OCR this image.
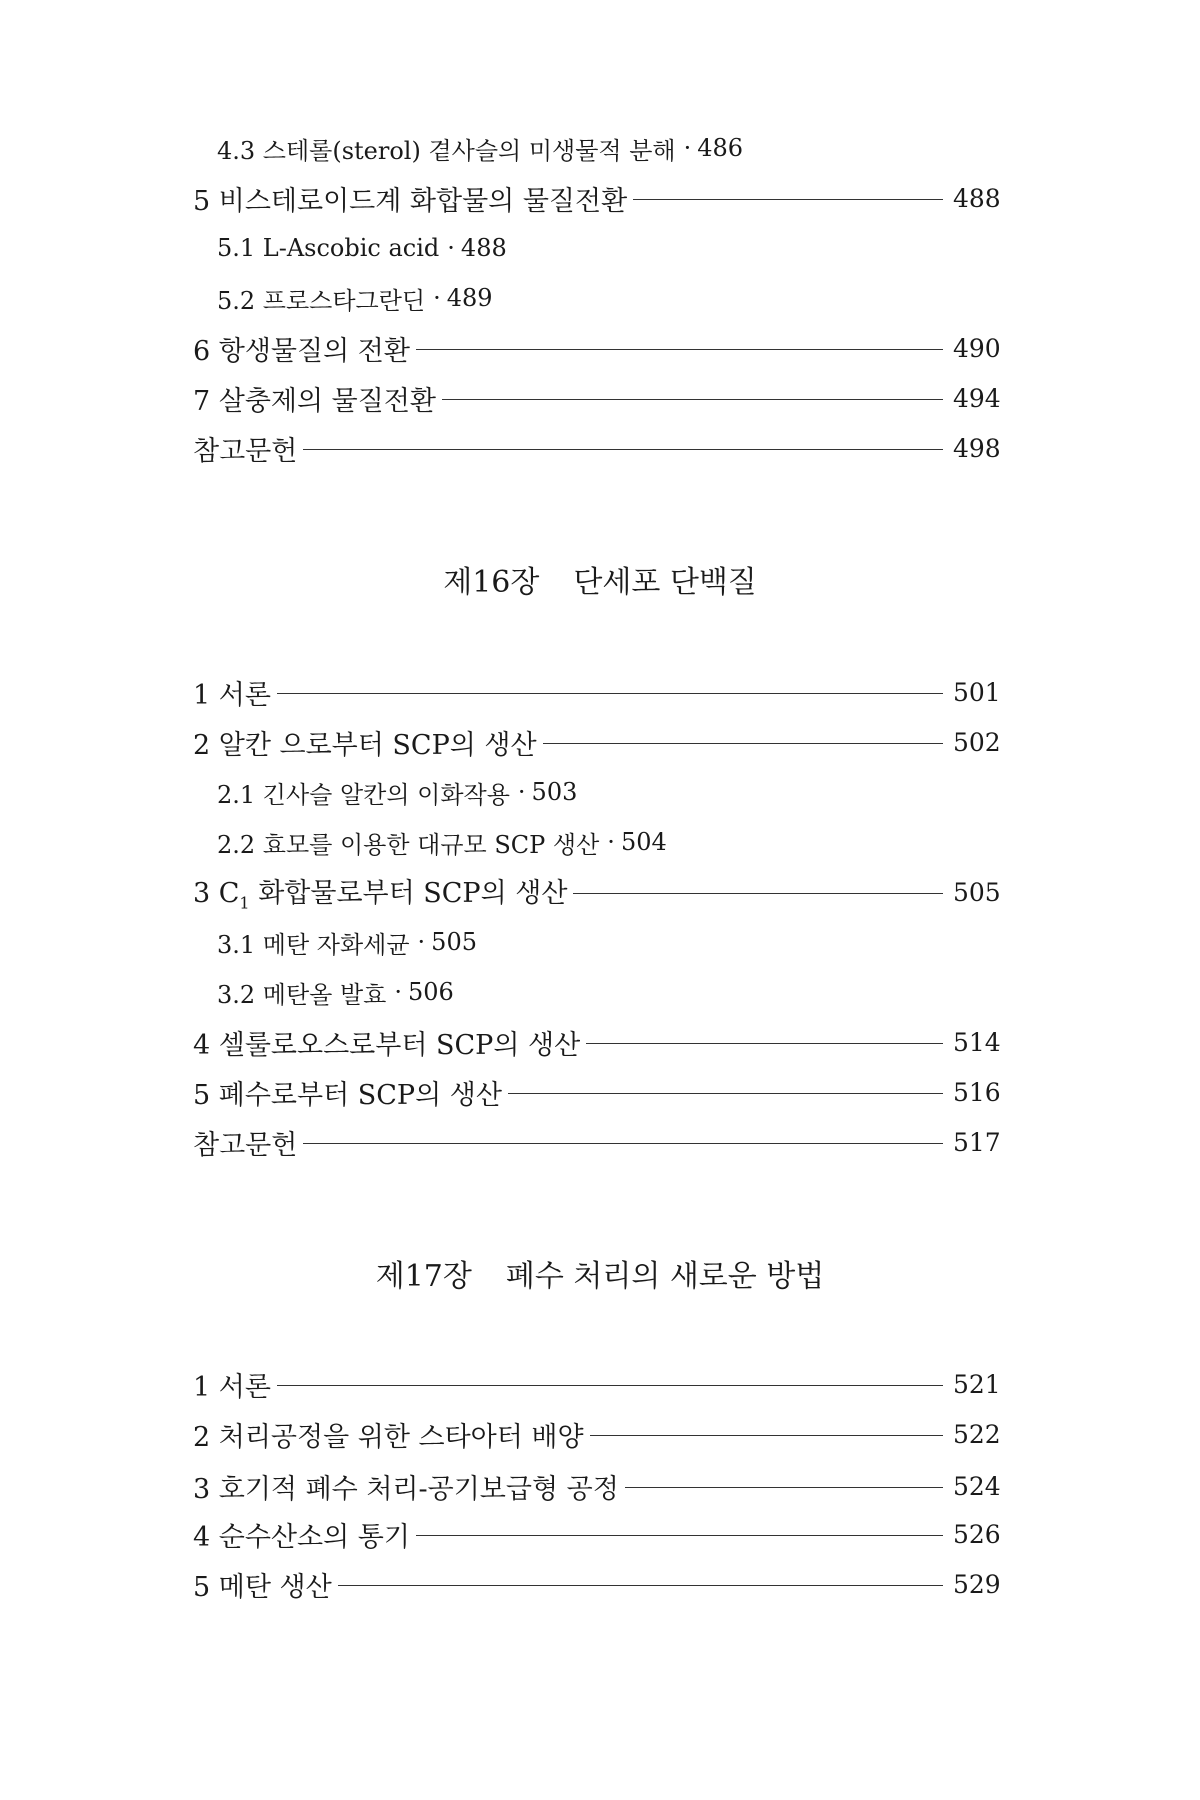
4.3 스테롤(sterol) 곁사슬의 미생물적 분해 · 486
5 비스테로이드계 화합물의 물질전환	488
5.1 L-Ascobic acid · 488
5.2 프로스타그란딘 · 489
6 항생물질의 전환	490
7 살충제의 물질전환	494
참고문헌	498
제16장 단세포 단백질
1 서론	501
2 알칸 으로부터 SCP의 생산	502
2.1 긴사슬 알칸의 이화작용 · 503
2.2 효모를 이용한 대규모 SCP 생산 · 504
3 $C_1$ 화합물로부터 SCP의 생산	505
3.1 메탄 자화세균 · 505
3.2 메탄올 발효 · 506
4 셀룰로오스로부터 SCP의 생산	514
5 폐수로부터 SCP의 생산	516
참고문헌	517
제17장 폐수 처리의 새로운 방법
1 서론	521
2 처리공정을 위한 스타아터 배양	522
3 호기적 폐수 처리-공기보급형 공정	524
4 순수산소의 통기	526
5 메탄 생산	529
